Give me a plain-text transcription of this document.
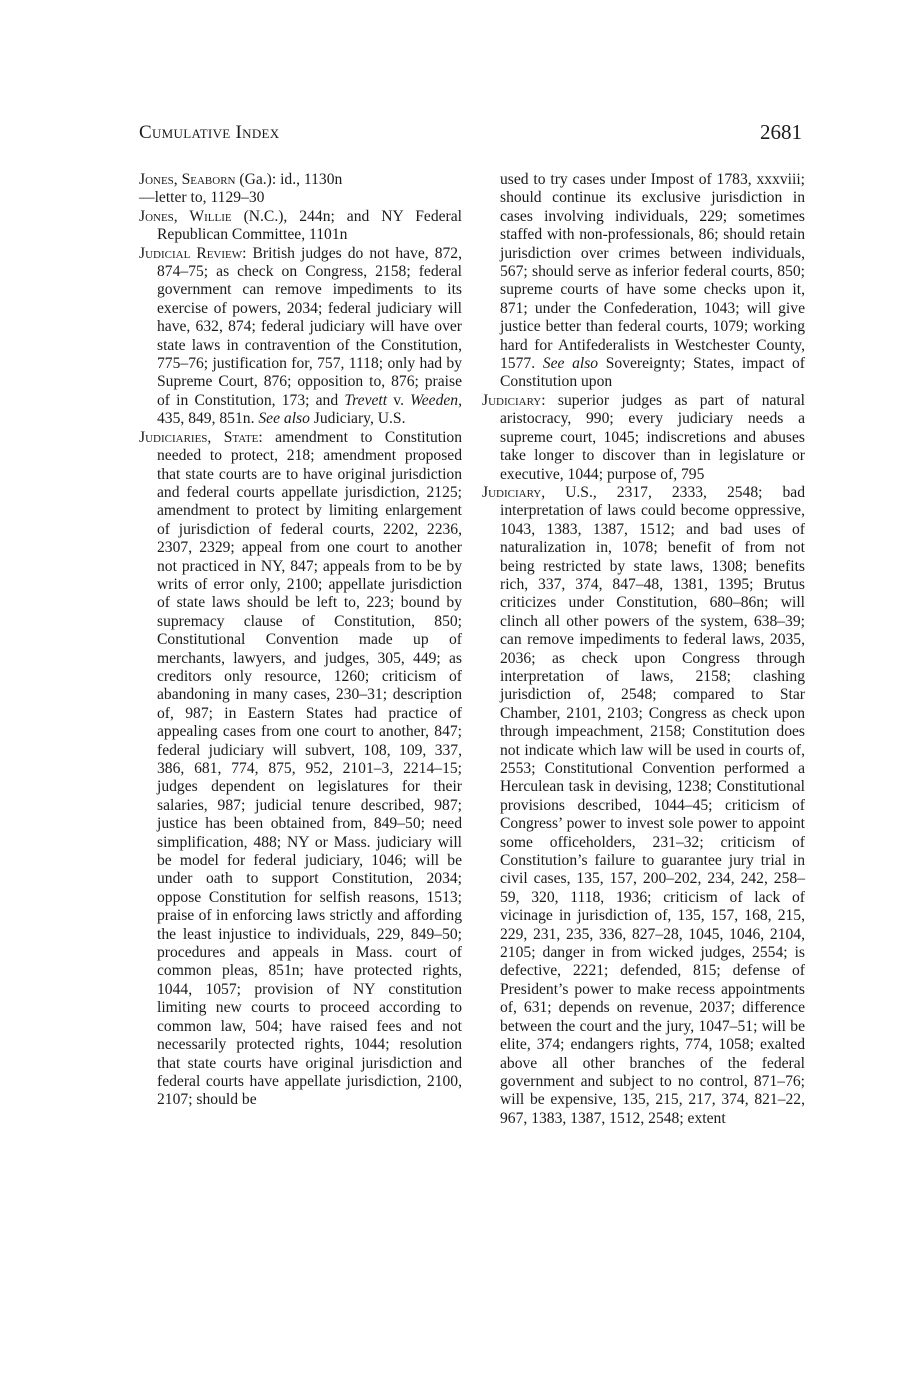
Cumulative Index	2681

Jones, Seaborn (Ga.): id., 1130n

—letter to, 1129–30

Jones, Willie (N.C.), 244n; and NY Federal Republican Committee, 1101n

Judicial Review: British judges do not have, 872, 874–75; as check on Congress, 2158; federal government can remove impediments to its exercise of powers, 2034; federal judiciary will have, 632, 874; federal judiciary will have over state laws in contravention of the Constitution, 775–76; justification for, 757, 1118; only had by Supreme Court, 876; opposition to, 876; praise of in Constitution, 173; and Trevett v. Weeden, 435, 849, 851n. See also Judiciary, U.S.

Judiciaries, State: amendment to Constitution needed to protect, 218; amendment proposed that state courts are to have original jurisdiction and federal courts appellate jurisdiction, 2125; amendment to protect by limiting enlargement of jurisdiction of federal courts, 2202, 2236, 2307, 2329; appeal from one court to another not practiced in NY, 847; appeals from to be by writs of error only, 2100; appellate jurisdiction of state laws should be left to, 223; bound by supremacy clause of Constitution, 850; Constitutional Convention made up of merchants, lawyers, and judges, 305, 449; as creditors only resource, 1260; criticism of abandoning in many cases, 230–31; description of, 987; in Eastern States had practice of appealing cases from one court to another, 847; federal judiciary will subvert, 108, 109, 337, 386, 681, 774, 875, 952, 2101–3, 2214–15; judges dependent on legislatures for their salaries, 987; judicial tenure described, 987; justice has been obtained from, 849–50; need simplification, 488; NY or Mass. judiciary will be model for federal judiciary, 1046; will be under oath to support Constitution, 2034; oppose Constitution for selfish reasons, 1513; praise of in enforcing laws strictly and affording the least injustice to individuals, 229, 849–50; procedures and appeals in Mass. court of common pleas, 851n; have protected rights, 1044, 1057; provision of NY constitution limiting new courts to proceed according to common law, 504; have raised fees and not necessarily protected rights, 1044; resolution that state courts have original jurisdiction and federal courts have appellate jurisdiction, 2100, 2107; should be

used to try cases under Impost of 1783, xxxviii; should continue its exclusive jurisdiction in cases involving individuals, 229; sometimes staffed with non-professionals, 86; should retain jurisdiction over crimes between individuals, 567; should serve as inferior federal courts, 850; supreme courts of have some checks upon it, 871; under the Confederation, 1043; will give justice better than federal courts, 1079; working hard for Antifederalists in Westchester County, 1577. See also Sovereignty; States, impact of Constitution upon

Judiciary: superior judges as part of natural aristocracy, 990; every judiciary needs a supreme court, 1045; indiscretions and abuses take longer to discover than in legislature or executive, 1044; purpose of, 795

Judiciary, U.S., 2317, 2333, 2548; bad interpretation of laws could become oppressive, 1043, 1383, 1387, 1512; and bad uses of naturalization in, 1078; benefit of from not being restricted by state laws, 1308; benefits rich, 337, 374, 847–48, 1381, 1395; Brutus criticizes under Constitution, 680–86n; will clinch all other powers of the system, 638–39; can remove impediments to federal laws, 2035, 2036; as check upon Congress through interpretation of laws, 2158; clashing jurisdiction of, 2548; compared to Star Chamber, 2101, 2103; Congress as check upon through impeachment, 2158; Constitution does not indicate which law will be used in courts of, 2553; Constitutional Convention performed a Herculean task in devising, 1238; Constitutional provisions described, 1044–45; criticism of Congress’ power to invest sole power to appoint some officeholders, 231–32; criticism of Constitution’s failure to guarantee jury trial in civil cases, 135, 157, 200–202, 234, 242, 258–59, 320, 1118, 1936; criticism of lack of vicinage in jurisdiction of, 135, 157, 168, 215, 229, 231, 235, 336, 827–28, 1045, 1046, 2104, 2105; danger in from wicked judges, 2554; is defective, 2221; defended, 815; defense of President’s power to make recess appointments of, 631; depends on revenue, 2037; difference between the court and the jury, 1047–51; will be elite, 374; endangers rights, 774, 1058; exalted above all other branches of the federal government and subject to no control, 871–76; will be expensive, 135, 215, 217, 374, 821–22, 967, 1383, 1387, 1512, 2548; extent
